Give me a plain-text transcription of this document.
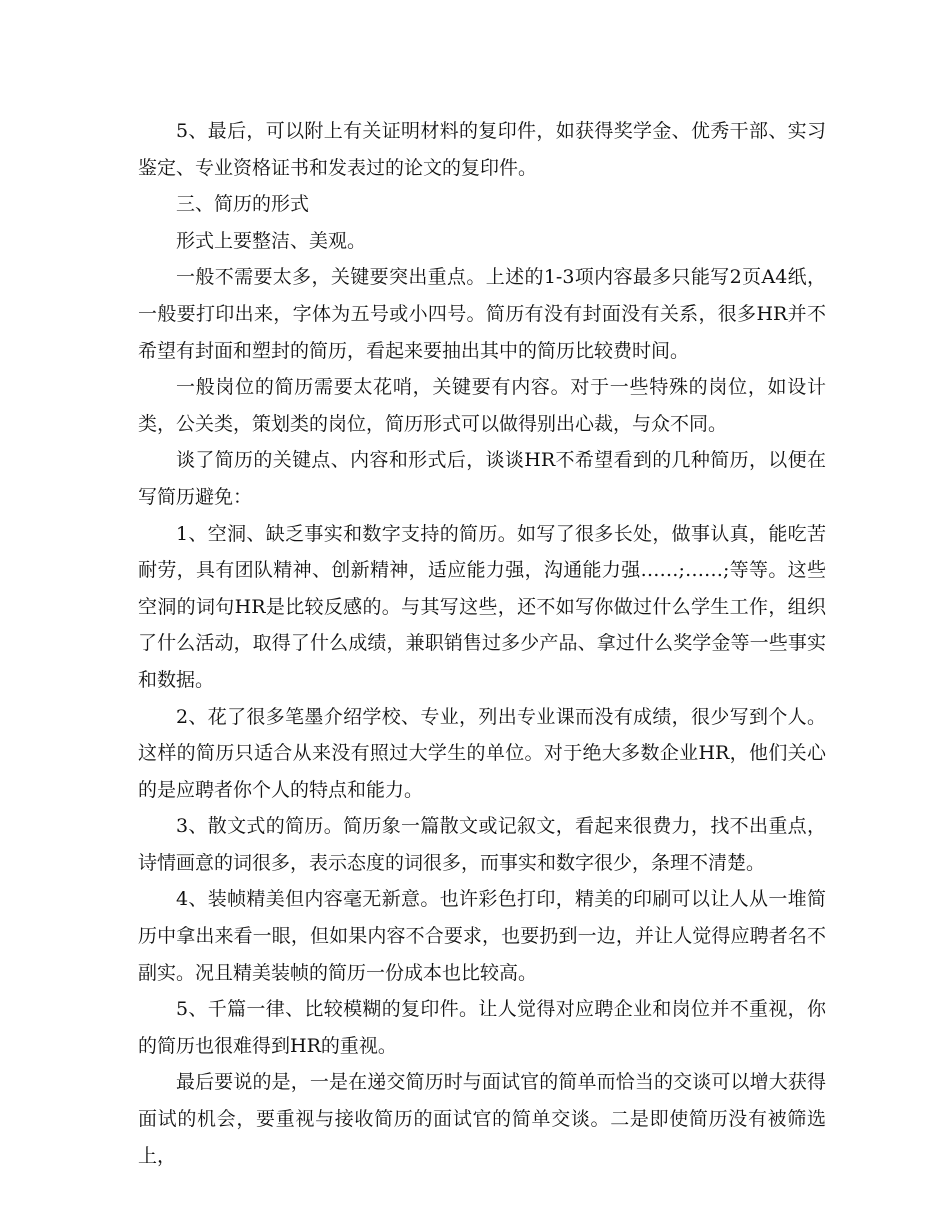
5、最后，可以附上有关证明材料的复印件，如获得奖学金、优秀干部、实习鉴定、专业资格证书和发表过的论文的复印件。

三、简历的形式

形式上要整洁、美观。

一般不需要太多，关键要突出重点。上述的1-3项内容最多只能写2页A4纸，一般要打印出来，字体为五号或小四号。简历有没有封面没有关系，很多HR并不希望有封面和塑封的简历，看起来要抽出其中的简历比较费时间。

一般岗位的简历需要太花哨，关键要有内容。对于一些特殊的岗位，如设计类，公关类，策划类的岗位，简历形式可以做得别出心裁，与众不同。

谈了简历的关键点、内容和形式后，谈谈HR不希望看到的几种简历，以便在写简历避免：

1、空洞、缺乏事实和数字支持的简历。如写了很多长处，做事认真，能吃苦耐劳，具有团队精神、创新精神，适应能力强，沟通能力强……;……;等等。这些空洞的词句HR是比较反感的。与其写这些，还不如写你做过什么学生工作，组织了什么活动，取得了什么成绩，兼职销售过多少产品、拿过什么奖学金等一些事实和数据。

2、花了很多笔墨介绍学校、专业，列出专业课而没有成绩，很少写到个人。这样的简历只适合从来没有照过大学生的单位。对于绝大多数企业HR，他们关心的是应聘者你个人的特点和能力。

3、散文式的简历。简历象一篇散文或记叙文，看起来很费力，找不出重点，诗情画意的词很多，表示态度的词很多，而事实和数字很少，条理不清楚。

4、装帧精美但内容毫无新意。也许彩色打印，精美的印刷可以让人从一堆简历中拿出来看一眼，但如果内容不合要求，也要扔到一边，并让人觉得应聘者名不副实。况且精美装帧的简历一份成本也比较高。

5、千篇一律、比较模糊的复印件。让人觉得对应聘企业和岗位并不重视，你的简历也很难得到HR的重视。

最后要说的是，一是在递交简历时与面试官的简单而恰当的交谈可以增大获得面试的机会，要重视与接收简历的面试官的简单交谈。二是即使简历没有被筛选上，
